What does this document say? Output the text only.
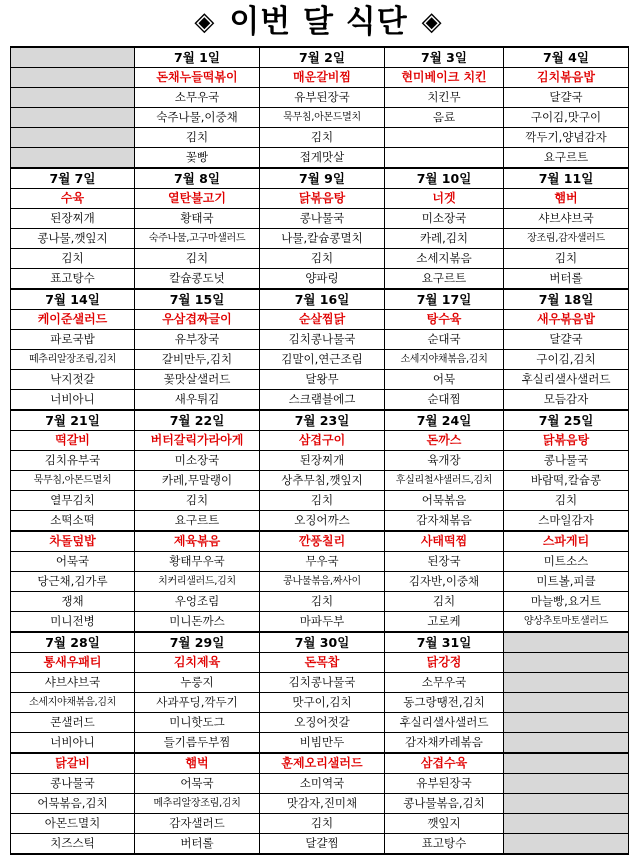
◈ 이번 달 식단 ◈
	7월 1일	7월 2일	7월 3일	7월 4일
	돈채누들떡볶이	매운갈비찜	현미베이크 치킨	김치볶음밥
	소무우국	유부된장국	치킨무	달걀국
	숙주나물,이중채	묵무침,아몬드멸치	음료	구이김,맛구이
	김치	김치		깍두기,양념감자
	꽃빵	접게맛살		요구르트
7월 7일	7월 8일	7월 9일	7월 10일	7월 11일
수육	열탄불고기	닭볶음탕	너겟	햄버
된장찌개	황태국	콩나물국	미소장국	샤브샤브국
콩나물,깻잎지	숙주나물,고구마샐러드	나물,칼슘콩멸치	카레,김치	장조림,감자샐러드
김치	김치	김치	소세지볶음	김치
표고탕수	칼슘콩도넛	양파링	요구르트	버터롤
7월 14일	7월 15일	7월 16일	7월 17일	7월 18일
케이준샐러드	우삼겹짜글이	순살찜닭	탕수육	새우볶음밥
파로국밥	유부장국	김치콩나물국	순대국	달걀국
떼추리알장조림,김치	갈비만두,김치	김말이,연근조림	소세지야채볶음,김치	구이김,김치
낙지젓갈	꽃맛살샐러드	달왕무	어묵	후실리샐사샐러드
너비아니	새우튀김	스크램블에그	순대찜	모듬감자
7월 21일	7월 22일	7월 23일	7월 24일	7월 25일
떡갈비	버터갈릭가라아게	삼겹구이	돈까스	닭볶음탕
김치유부국	미소장국	된장찌개	육개장	콩나물국
묵무침,아몬드멸치	카레,무말랭이	상추무침,깻잎지	후실리철샤샐러드,김치	바람떡,칼슘콩
열무김치	김치	김치	어묵볶음	김치
소떡소떡	요구르트	오징어까스	감자채볶음	스마일감자
차돌덮밥	제육볶음	깐풍칠리	사태떡찜	스파게티
어묵국	황태무우국	무우국	된장국	미트소스
당근채,김가루	치커리샐러드,김치	콩나물볶음,짜사이	김자반,이중채	미트볼,피클
쟁채	우엉조림	김치	김치	마늘빵,요거트
미니전병	미니돈까스	마파두부	고로케	양상추토마토샐러드
7월 28일	7월 29일	7월 30일	7월 31일	
통새우패티	김치제육	돈목찹	닭강정	
샤브샤브국	누룽지	김치콩나물국	소무우국	
소세지야채볶음,김치	사과푸딩,깍두기	맛구이,김치	동그랑땡전,김치	
콘샐러드	미니핫도그	오징어젓갈	후실리샐사샐러드	
너비아니	들기름두부찜	비빔만두	감자채카레볶음	
닭갈비	햄벅	훈제오리샐러드	삼겹수육	
콩나물국	어묵국	소미역국	유부된장국	
어묵볶음,김치	메추리알장조림,김치	맛감자,진미채	콩나물볶음,김치	
아몬드멸치	감자샐러드	김치	깻잎지	
치즈스틱	버터롤	달걀찜	표고탕수	
